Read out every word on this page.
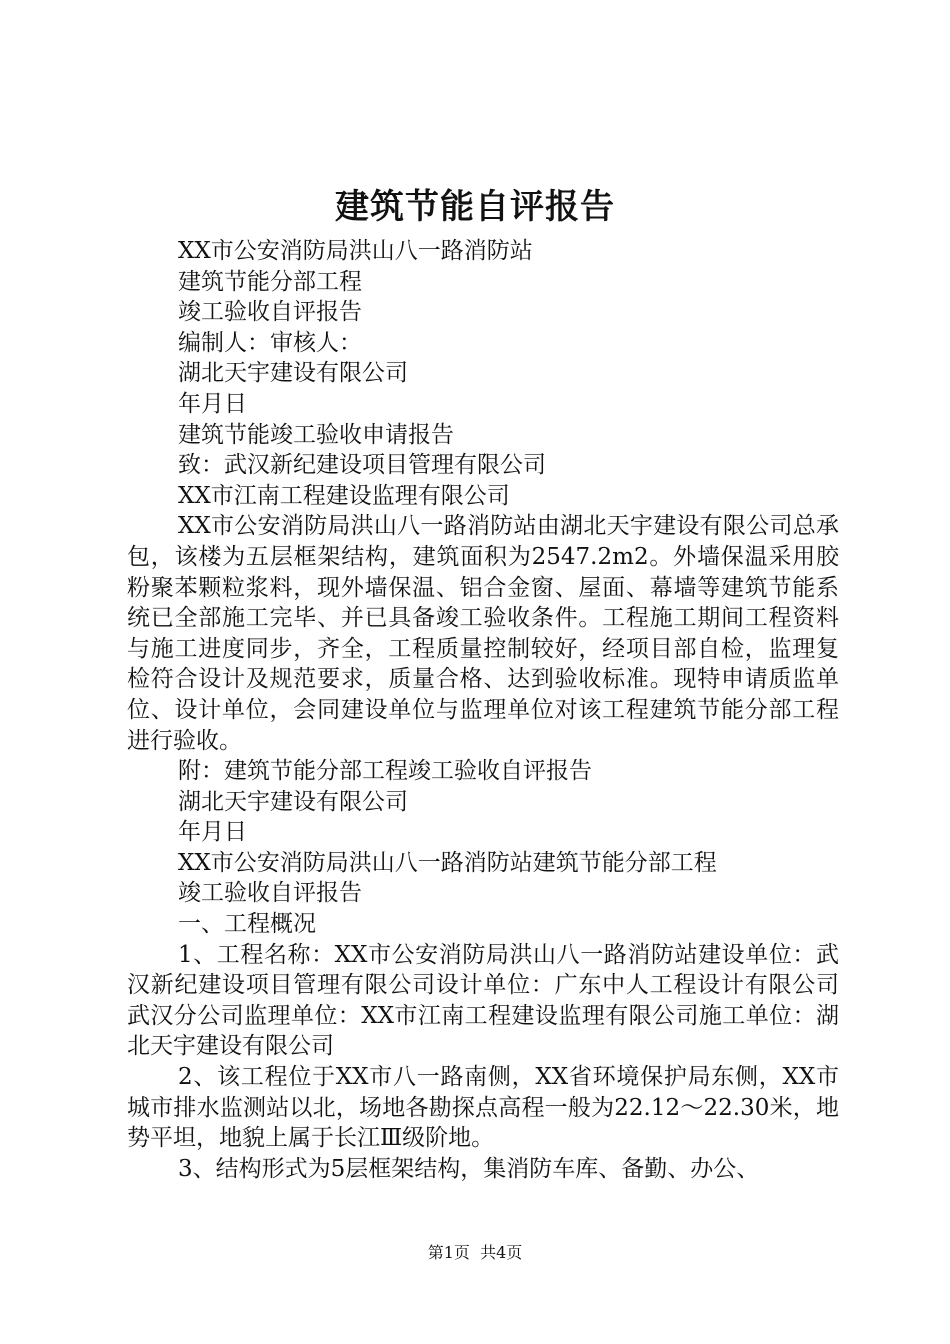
建筑节能自评报告

XX市公安消防局洪山八一路消防站

建筑节能分部工程

竣工验收自评报告

编制人：审核人：

湖北天宇建设有限公司

年月日

建筑节能竣工验收申请报告

致：武汉新纪建设项目管理有限公司

XX市江南工程建设监理有限公司

XX市公安消防局洪山八一路消防站由湖北天宇建设有限公司总承包，该楼为五层框架结构，建筑面积为2547.2m2。外墙保温采用胶粉聚苯颗粒浆料，现外墙保温、铝合金窗、屋面、幕墙等建筑节能系统已全部施工完毕、并已具备竣工验收条件。工程施工期间工程资料与施工进度同步，齐全，工程质量控制较好，经项目部自检，监理复检符合设计及规范要求，质量合格、达到验收标准。现特申请质监单位、设计单位，会同建设单位与监理单位对该工程建筑节能分部工程进行验收。

附：建筑节能分部工程竣工验收自评报告

湖北天宇建设有限公司

年月日

XX市公安消防局洪山八一路消防站建筑节能分部工程

竣工验收自评报告

一、工程概况

1、工程名称：XX市公安消防局洪山八一路消防站建设单位：武汉新纪建设项目管理有限公司设计单位：广东中人工程设计有限公司武汉分公司监理单位：XX市江南工程建设监理有限公司施工单位：湖北天宇建设有限公司

2、该工程位于XX市八一路南侧，XX省环境保护局东侧，XX市城市排水监测站以北，场地各勘探点高程一般为22.12～22.30米，地势平坦，地貌上属于长江Ⅲ级阶地。

3、结构形式为5层框架结构，集消防车库、备勤、办公、

第1页 共4页
